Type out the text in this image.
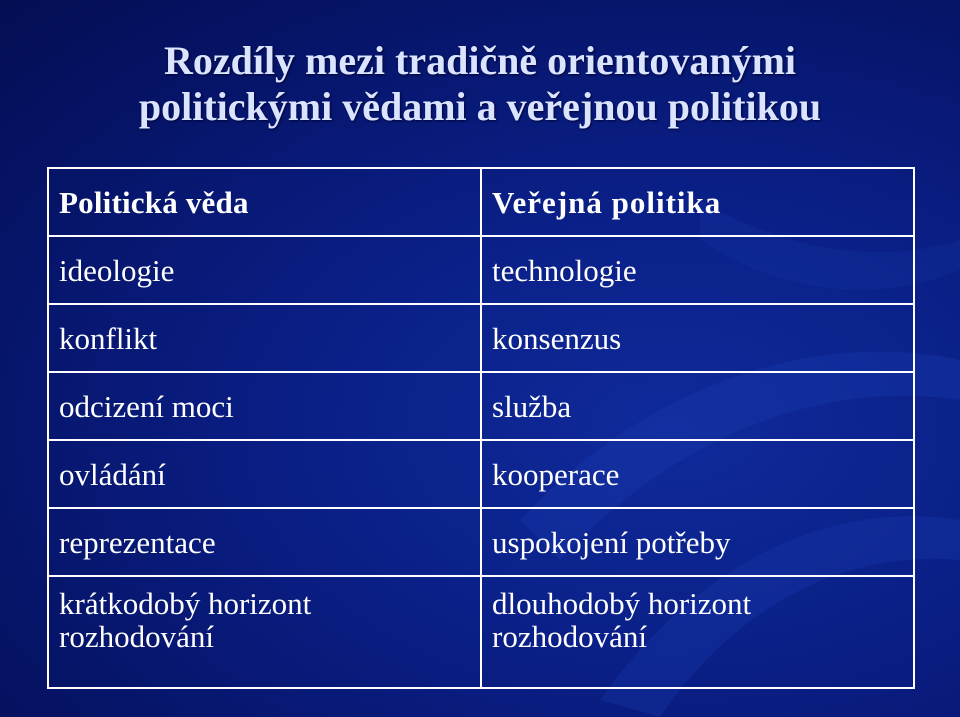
Rozdíly mezi tradičně orientovanými
politickými vědami a veřejnou politikou
Politická věda	Veřejná politika
ideologie	technologie
konflikt	konsenzus
odcizení moci	služba
ovládání	kooperace
reprezentace	uspokojení potřeby
krátkodobý horizont rozhodování	dlouhodobý horizont rozhodování
